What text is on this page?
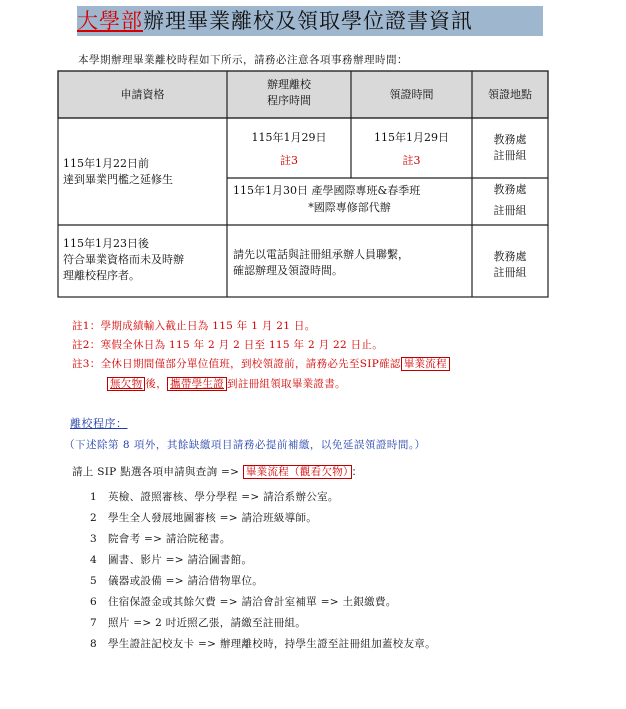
大學部辦理畢業離校及領取學位證書資訊
本學期辦理畢業離校時程如下所示，請務必注意各項事務辦理時間：
申請資格
辦理離校
程序時間	領證時間	領證地點
115年1月22日前
達到畢業門檻之延修生
115年1月29日
註3
115年1月29日
註3
教務處
註冊組
115年1月30日 產學國際專班&春季班
*國際專修部代辦
教務處
註冊組
115年1月23日後
符合畢業資格而未及時辦
理離校程序者。
請先以電話與註冊組承辦人員聯繫，
確認辦理及領證時間。
教務處
註冊組
註1：學期成績輸入截止日為 115 年 1 月 21 日。
註2：寒假全休日為 115 年 2 月 2 日至 115 年 2 月 22 日止。
註3：全休日期間僅部分單位值班，到校領證前，請務必先至SIP確認 畢業流程
無欠物 後， 攜帶學生證 到註冊組領取畢業證書。
離校程序：
（下述除第 8 項外，其餘缺繳項目請務必提前補繳，以免延誤領證時間。）
請上 SIP 點選各項申請與查詢 => 畢業流程（觀看欠物） ：
1 英檢、證照審核、學分學程 => 請洽系辦公室。
2 學生全人發展地圖審核 => 請洽班級導師。
3 院會考 => 請洽院秘書。
4 圖書、影片 => 請洽圖書館。
5 儀器或設備 => 請洽借物單位。
6 住宿保證金或其餘欠費 => 請洽會計室補單 => 土銀繳費。
7 照片 => 2 吋近照乙張，請繳至註冊組。
8 學生證註記校友卡 => 辦理離校時，持學生證至註冊組加蓋校友章。
